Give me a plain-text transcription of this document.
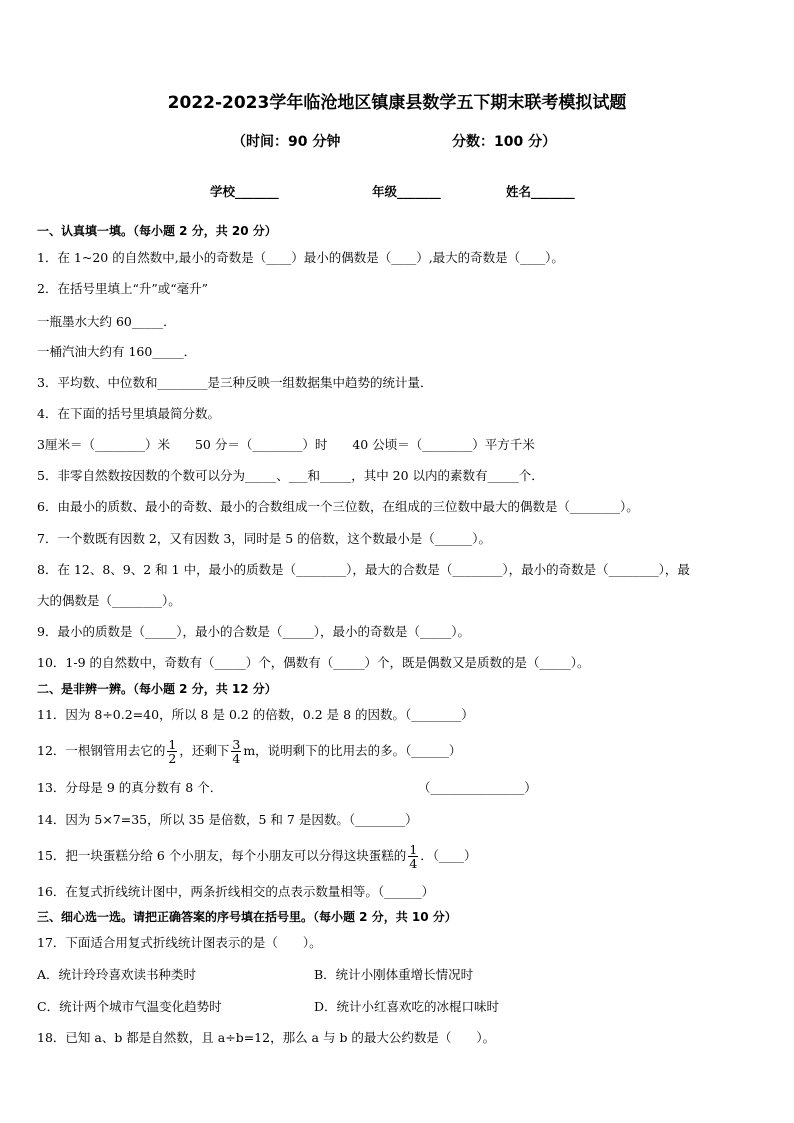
2022-2023学年临沧地区镇康县数学五下期末联考模拟试题
（时间：90 分钟	分数：100 分）
学校_______	年级_______	姓名_______
一、认真填一填。（每小题 2 分，共 20 分）
1．在 1~20 的自然数中,最小的奇数是（____）最小的偶数是（____）,最大的奇数是（____）。
2．在括号里填上“升”或“毫升”
一瓶墨水大约 60_____．
一桶汽油大约有 160_____．
3．平均数、中位数和________是三种反映一组数据集中趋势的统计量．
4．在下面的括号里填最简分数。
3厘米＝（________）米　　50 分＝（________）时　　40 公顷＝（________）平方千米
5．非零自然数按因数的个数可以分为_____、___和_____，其中 20 以内的素数有_____个．
6．由最小的质数、最小的奇数、最小的合数组成一个三位数，在组成的三位数中最大的偶数是（________）。
7．一个数既有因数 2，又有因数 3，同时是 5 的倍数，这个数最小是（______）。
8．在 12、8、9、2 和 1 中，最小的质数是（________），最大的合数是（________），最小的奇数是（________），最
大的偶数是（________）。
9．最小的质数是（_____），最小的合数是（_____），最小的奇数是（_____）。
10．1-9 的自然数中，奇数有（_____）个，偶数有（_____）个，既是偶数又是质数的是（_____）。
二、是非辨一辨。（每小题 2 分，共 12 分）
11．因为 8÷0.2=40，所以 8 是 0.2 的倍数，0.2 是 8 的因数。（________）
12．一根钢管用去它的 $\frac{1}{2}$ ，还剩下 $\frac{3}{4}$ m，说明剩下的比用去的多。（______）
13．分母是 9 的真分数有 8 个．	（_______________）
14．因为 5×7=35，所以 35 是倍数，5 和 7 是因数。（________）
15．把一块蛋糕分给 6 个小朋友，每个小朋友可以分得这块蛋糕的 $\frac{1}{4}$ ．（____）
16．在复式折线统计图中，两条折线相交的点表示数量相等。（______）
三、细心选一选。请把正确答案的序号填在括号里。（每小题 2 分，共 10 分）
17．下面适合用复式折线统计图表示的是（　　）。
A．统计玲玲喜欢读书种类时	B．统计小刚体重增长情况时
C．统计两个城市气温变化趋势时	D．统计小红喜欢吃的冰棍口味时
18．已知 a、b 都是自然数，且 a÷b=12，那么 a 与 b 的最大公约数是（　　）。
